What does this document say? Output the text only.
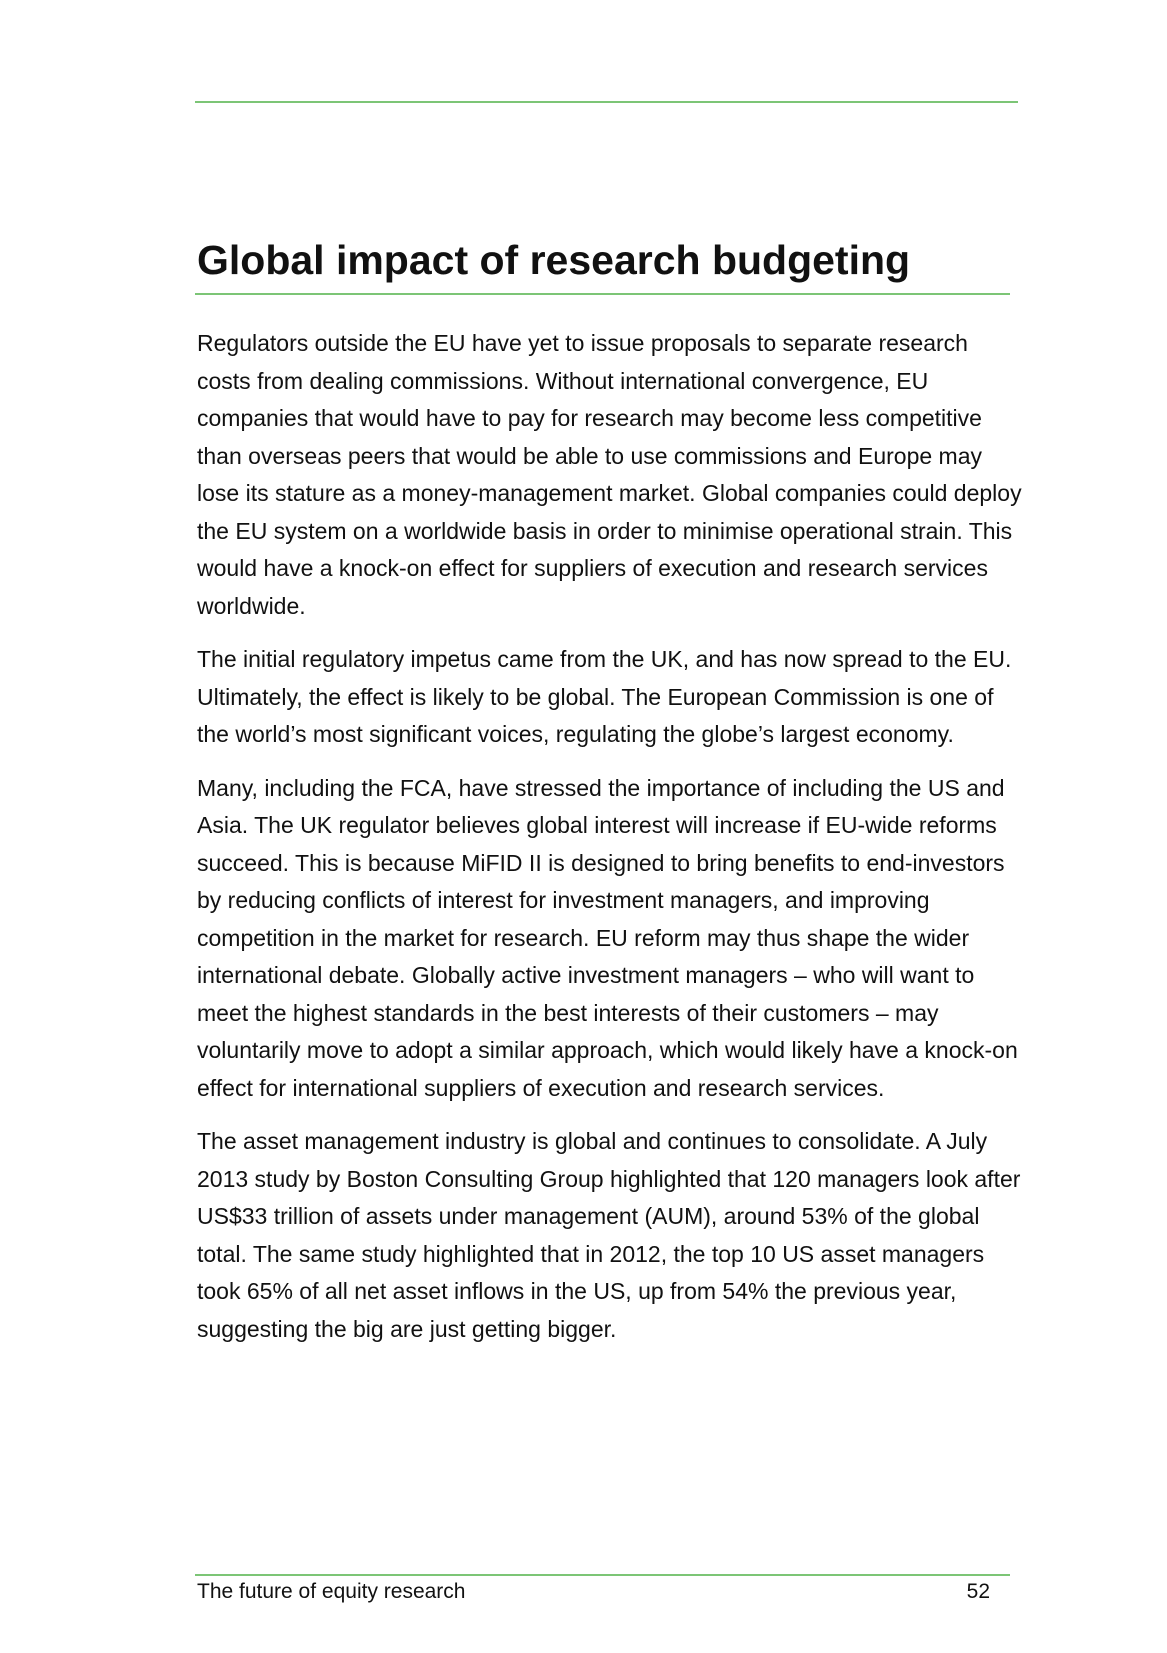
Global impact of research budgeting

Regulators outside the EU have yet to issue proposals to separate research costs from dealing commissions. Without international convergence, EU companies that would have to pay for research may become less competitive than overseas peers that would be able to use commissions and Europe may lose its stature as a money-management market. Global companies could deploy the EU system on a worldwide basis in order to minimise operational strain. This would have a knock-on effect for suppliers of execution and research services worldwide.

The initial regulatory impetus came from the UK, and has now spread to the EU. Ultimately, the effect is likely to be global. The European Commission is one of the world’s most significant voices, regulating the globe’s largest economy.

Many, including the FCA, have stressed the importance of including the US and Asia. The UK regulator believes global interest will increase if EU-wide reforms succeed. This is because MiFID II is designed to bring benefits to end-investors by reducing conflicts of interest for investment managers, and improving competition in the market for research. EU reform may thus shape the wider international debate. Globally active investment managers – who will want to meet the highest standards in the best interests of their customers – may voluntarily move to adopt a similar approach, which would likely have a knock-on effect for international suppliers of execution and research services.

The asset management industry is global and continues to consolidate. A July 2013 study by Boston Consulting Group highlighted that 120 managers look after US$33 trillion of assets under management (AUM), around 53% of the global total. The same study highlighted that in 2012, the top 10 US asset managers took 65% of all net asset inflows in the US, up from 54% the previous year, suggesting the big are just getting bigger.

The future of equity research	52
